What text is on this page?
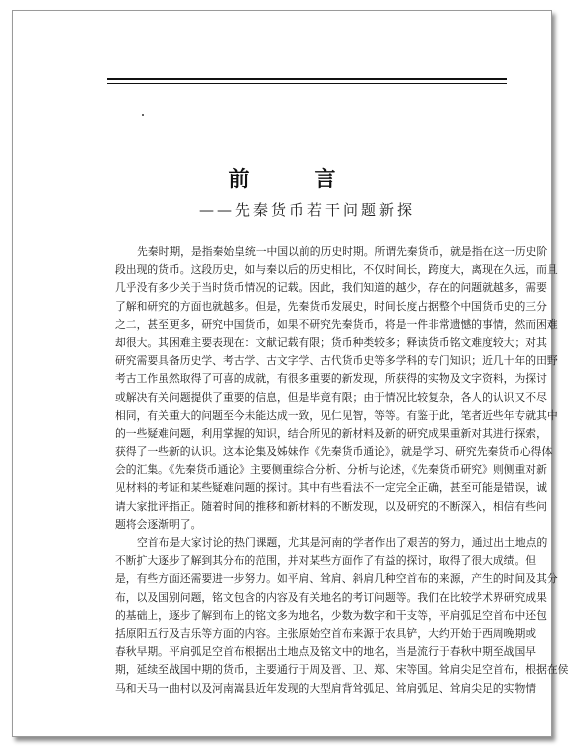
前　言
——先秦货币若干问题新探
先秦时期，是指秦始皇统一中国以前的历史时期。所谓先秦货币，就是指在这一历史阶
段出现的货币。这段历史，如与秦以后的历史相比，不仅时间长，跨度大，离现在久远，而且
几乎没有多少关于当时货币情况的记载。因此，我们知道的越少，存在的问题就越多，需要
了解和研究的方面也就越多。但是，先秦货币发展史，时间长度占据整个中国货币史的三分
之二，甚至更多，研究中国货币，如果不研究先秦货币，将是一件非常遗憾的事情，然而困难
却很大。其困难主要表现在：文献记载有限；货币种类较多；释读货币铭文难度较大；对其
研究需要具备历史学、考古学、古文字学、古代货币史等多学科的专门知识；近几十年的田野
考古工作虽然取得了可喜的成就，有很多重要的新发现，所获得的实物及文字资料，为探讨
或解决有关问题提供了重要的信息，但是毕竟有限；由于情况比较复杂，各人的认识又不尽
相同，有关重大的问题至今未能达成一致，见仁见智，等等。有鉴于此，笔者近些年专就其中
的一些疑难问题，利用掌握的知识，结合所见的新材料及新的研究成果重新对其进行探索，
获得了一些新的认识。这本论集及姊妹作《先秦货币通论》，就是学习、研究先秦货币心得体
会的汇集。《先秦货币通论》主要侧重综合分析、分析与论述，《先秦货币研究》则侧重对新
见材料的考证和某些疑难问题的探讨。其中有些看法不一定完全正确，甚至可能是错误，诚
请大家批评指正。随着时间的推移和新材料的不断发现，以及研究的不断深入，相信有些问
题将会逐渐明了。
空首布是大家讨论的热门课题，尤其是河南的学者作出了艰苦的努力，通过出土地点的
不断扩大逐步了解到其分布的范围，并对某些方面作了有益的探讨，取得了很大成绩。但
是，有些方面还需要进一步努力。如平肩、耸肩、斜肩几种空首布的来源，产生的时间及其分
布，以及国别问题，铭文包含的内容及有关地名的考订问题等。我们在比较学术界研究成果
的基础上，逐步了解到布上的铭文多为地名，少数为数字和干支等，平肩弧足空首布中还包
括原阳五行及吉乐等方面的内容。主张原始空首布来源于农具铲，大约开始于西周晚期或
春秋早期。平肩弧足空首布根据出土地点及铭文中的地名，当是流行于春秋中期至战国早
期，延续至战国中期的货币，主要通行于周及晋、卫、郑、宋等国。耸肩尖足空首布，根据在侯
马和天马一曲村以及河南嵩县近年发现的大型肩背耸弧足、耸肩弧足、耸肩尖足的实物情
